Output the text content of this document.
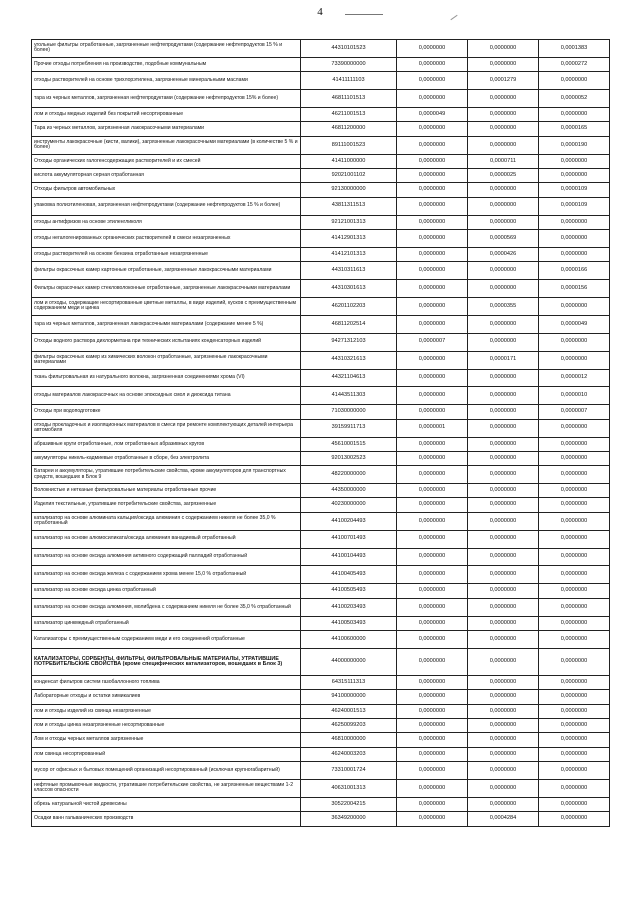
4
угольные фильтры отработанные, загрязненные нефтепродуктами (содержание нефтепродуктов 15 % и более)	44310101523	0,0000000	0,0000000	0,0001383
Прочие отходы потребления на производстве, подобные коммунальным	73390000000	0,0000000	0,0000000	0,0000272
отходы растворителей на основе трихлорэтилена, загрязненные минеральными маслами	41411111103	0,0000000	0,0001279	0,0000000
тара из черных металлов, загрязненная нефтепродуктами (содержание нефтепродуктов 15% и более)	46811101513	0,0000000	0,0000000	0,0000052
лом и отходы медных изделий без покрытий несортированные	46211001513	0,0000049	0,0000000	0,0000000
Тара из черных металлов, загрязненная лакокрасочными материалами	46811200000	0,0000000	0,0000000	0,0000165
инструменты лакокрасочные (кисти, валики), загрязненные лакокрасочными материалами (в количестве 5 % и более)	89111001523	0,0000000	0,0000000	0,0000190
Отходы органических галогенсодержащих растворителей и их смесей	41411000000	0,0000000	0,0000711	0,0000000
кислота аккумуляторная серная отработанная	92021001102	0,0000000	0,0000025	0,0000000
Отходы фильтров автомобильных	92130000000	0,0000000	0,0000000	0,0000109
упаковка полиэтиленовая, загрязненная нефтепродуктами (содержание нефтепродуктов 15 % и более)	43811311513	0,0000000	0,0000000	0,0000109
отходы антифризов на основе этиленгликоля	92121001313	0,0000000	0,0000000	0,0000000
отходы негалогенированных органических растворителей в смеси незагрязненных	41412901313	0,0000000	0,0000569	0,0000000
отходы растворителей на основе бензина отработанные незагрязненные	41412101313	0,0000000	0,0000426	0,0000000
фильтры окрасочных камер картонные отработанные, загрязненные лакокрасочными материалами	44310311613	0,0000000	0,0000000	0,0000166
Фильтры окрасочных камер стекловолоконные отработанные, загрязненные лакокрасочными материалами	44310301613	0,0000000	0,0000000	0,0000156
лом и отходы, содержащие несортированные цветные металлы, в виде изделий, кусков с преимущественным содержанием меди и цинка	46201102203	0,0000000	0,0000355	0,0000000
тара из черных металлов, загрязненная лакокрасочными материалами (содержание менее 5 %)	46811202514	0,0000000	0,0000000	0,0000049
Отходы водного раствора дихлорметана при технических испытаниях конденсаторных изделий	94271312103	0,0000007	0,0000000	0,0000000
фильтры окрасочных камер из химических волокон отработанные, загрязненные лакокрасочными материалами	44310321613	0,0000000	0,0000171	0,0000000
ткань фильтровальная из натурального волокна, загрязненная соединениями хрома (VI)	44321104613	0,0000000	0,0000000	0,0000012
отходы материалов лакокрасочных на основе эпоксидных смол и диоксида титана	41443511303	0,0000000	0,0000000	0,0000010
Отходы при водоподготовке	71030000000	0,0000000	0,0000000	0,0000007
отходы прокладочных и изоляционных материалов в смеси при ремонте комплектующих деталей интерьера автомобиля	39159911713	0,0000001	0,0000000	0,0000000
абразивные круги отработанные, лом отработанных абразивных кругов	45610001515	0,0000000	0,0000000	0,0000000
аккумуляторы никель-кадмиевые отработанные в сборе, без электролита	92013002523	0,0000000	0,0000000	0,0000000
Батареи и аккумуляторы, утратившие потребительские свойства, кроме аккумуляторов для транспортных средств, вошедших в Блок 9	48220000000	0,0000000	0,0000000	0,0000000
Волокнистые и нетканые фильтровальные материалы отработанные прочие	44350000000	0,0000000	0,0000000	0,0000000
Изделия текстильные, утратившие потребительские свойства, загрязненные	40230000000	0,0000000	0,0000000	0,0000000
катализатор на основе алюмината кальция/оксида алюминия с содержанием никеля не более 35,0 % отработанный	44100204493	0,0000000	0,0000000	0,0000000
катализатор на основе алюмосиликата/оксида алюминия ванадиевый отработанный	44100701493	0,0000000	0,0000000	0,0000000
катализатор на основе оксида алюминия активного содержащий палладий отработанный	44100104493	0,0000000	0,0000000	0,0000000
катализатор на основе оксида железа с содержанием хрома менее 15,0 % отработанный	44100405493	0,0000000	0,0000000	0,0000000
катализатор на основе оксида цинка отработанный	44100505493	0,0000000	0,0000000	0,0000000
катализатор на основе оксида алюминия, молибдена с содержанием никеля не более 35,0 % отработанный	44100203493	0,0000000	0,0000000	0,0000000
катализатор цинкмедный отработанный	44100503493	0,0000000	0,0000000	0,0000000
Катализаторы с преимущественным содержанием меди и его соединений отработанные	44100600000	0,0000000	0,0000000	0,0000000
КАТАЛИЗАТОРЫ, СОРБЕНТЫ, ФИЛЬТРЫ, ФИЛЬТРОВАЛЬНЫЕ МАТЕРИАЛЫ, УТРАТИВШИЕ ПОТРЕБИТЕЛЬСКИЕ СВОЙСТВА (кроме специфических катализаторов, вошедших в Блок 3)	44000000000	0,0000000	0,0000000	0,0000000
конденсат фильтров систем газобаллонного топлива	64315111313	0,0000000	0,0000000	0,0000000
Лабораторные отходы и остатки химикалиев	94100000000	0,0000000	0,0000000	0,0000000
лом и отходы изделий из свинца незагрязненные	46240001513	0,0000000	0,0000000	0,0000000
лом и отходы цинка незагрязненные несортированные	46250099203	0,0000000	0,0000000	0,0000000
Лом и отходы черных металлов загрязненные	46810000000	0,0000000	0,0000000	0,0000000
лом свинца несортированный	46240003203	0,0000000	0,0000000	0,0000000
мусор от офисных и бытовых помещений организаций несортированный (исключая крупногабаритный)	73310001724	0,0000000	0,0000000	0,0000000
нефтяные промывочные жидкости, утратившие потребительские свойства, не загрязненные веществами 1-2 классов опасности	40631001313	0,0000000	0,0000000	0,0000000
обрезь натуральной чистой древесины	30522004215	0,0000000	0,0000000	0,0000000
Осадки ванн гальванических производств	36349200000	0,0000000	0,0004284	0,0000000
